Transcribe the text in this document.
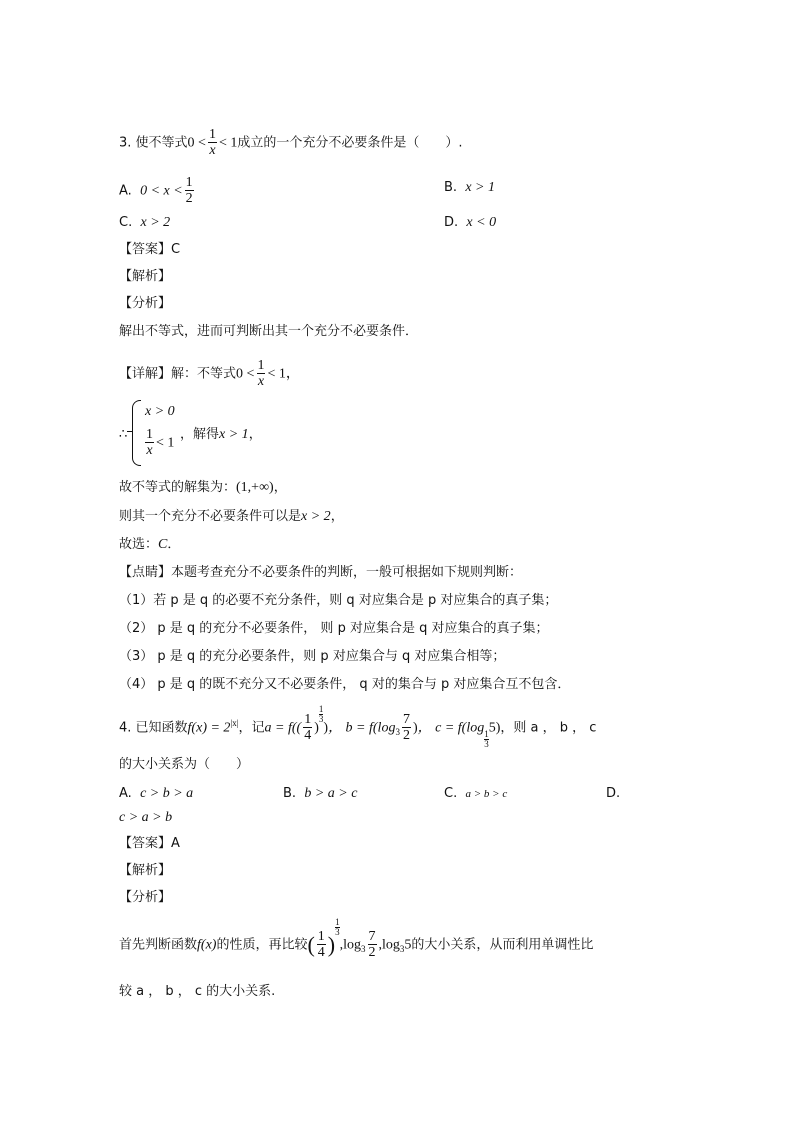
3. 使不等式$0 < \frac{1}{x} < 1$成立的一个充分不必要条件是（　　）.
A. $0 < x < \frac{1}{2}$	B. x > 1
C. x > 2	D. x < 0
【答案】C
【解析】
【分析】
解出不等式，进而可判断出其一个充分不必要条件．
【详解】解：不等式$0 < \frac{1}{x} < 1$，
∴
x > 0
$\frac{1}{x} < 1$
，解得x > 1，
故不等式的解集为：(1,+∞)，
则其一个充分不必要条件可以是x > 2，
故选：C．
【点睛】本题考查充分不必要条件的判断，一般可根据如下规则判断：
（1）若 p 是 q 的必要不充分条件，则 q 对应集合是 p 对应集合的真子集；
（2） p 是 q 的充分不必要条件， 则 p 对应集合是 q 对应集合的真子集；
（3） p 是 q 的充分必要条件，则 p 对应集合与 q 对应集合相等；
（4） p 是 q 的既不充分又不必要条件， q 对的集合与 p 对应集合互不包含．
4. 已知函数$f(x) = 2^{|x|}$，记$a = f(( \frac{1}{4}$ )
$\frac{1}{3}$
)， $b = f(\log_3 \frac{7}{2}$ )， c = f(log
$\frac{1}{3}$
5)，则 a ， b ， c
的大小关系为（　　）
A. c > b > a	B. b > a > c	C. a > b > c	D.
c > a > b
【答案】A
【解析】
【分析】
首先判断函数f(x)的性质，再比较( $\frac{1}{4}$ )
$\frac{1}{3}$
$,\log_3 \frac{7}{2} ,\log_35$的大小关系，从而利用单调性比
较 a ， b ， c 的大小关系.
